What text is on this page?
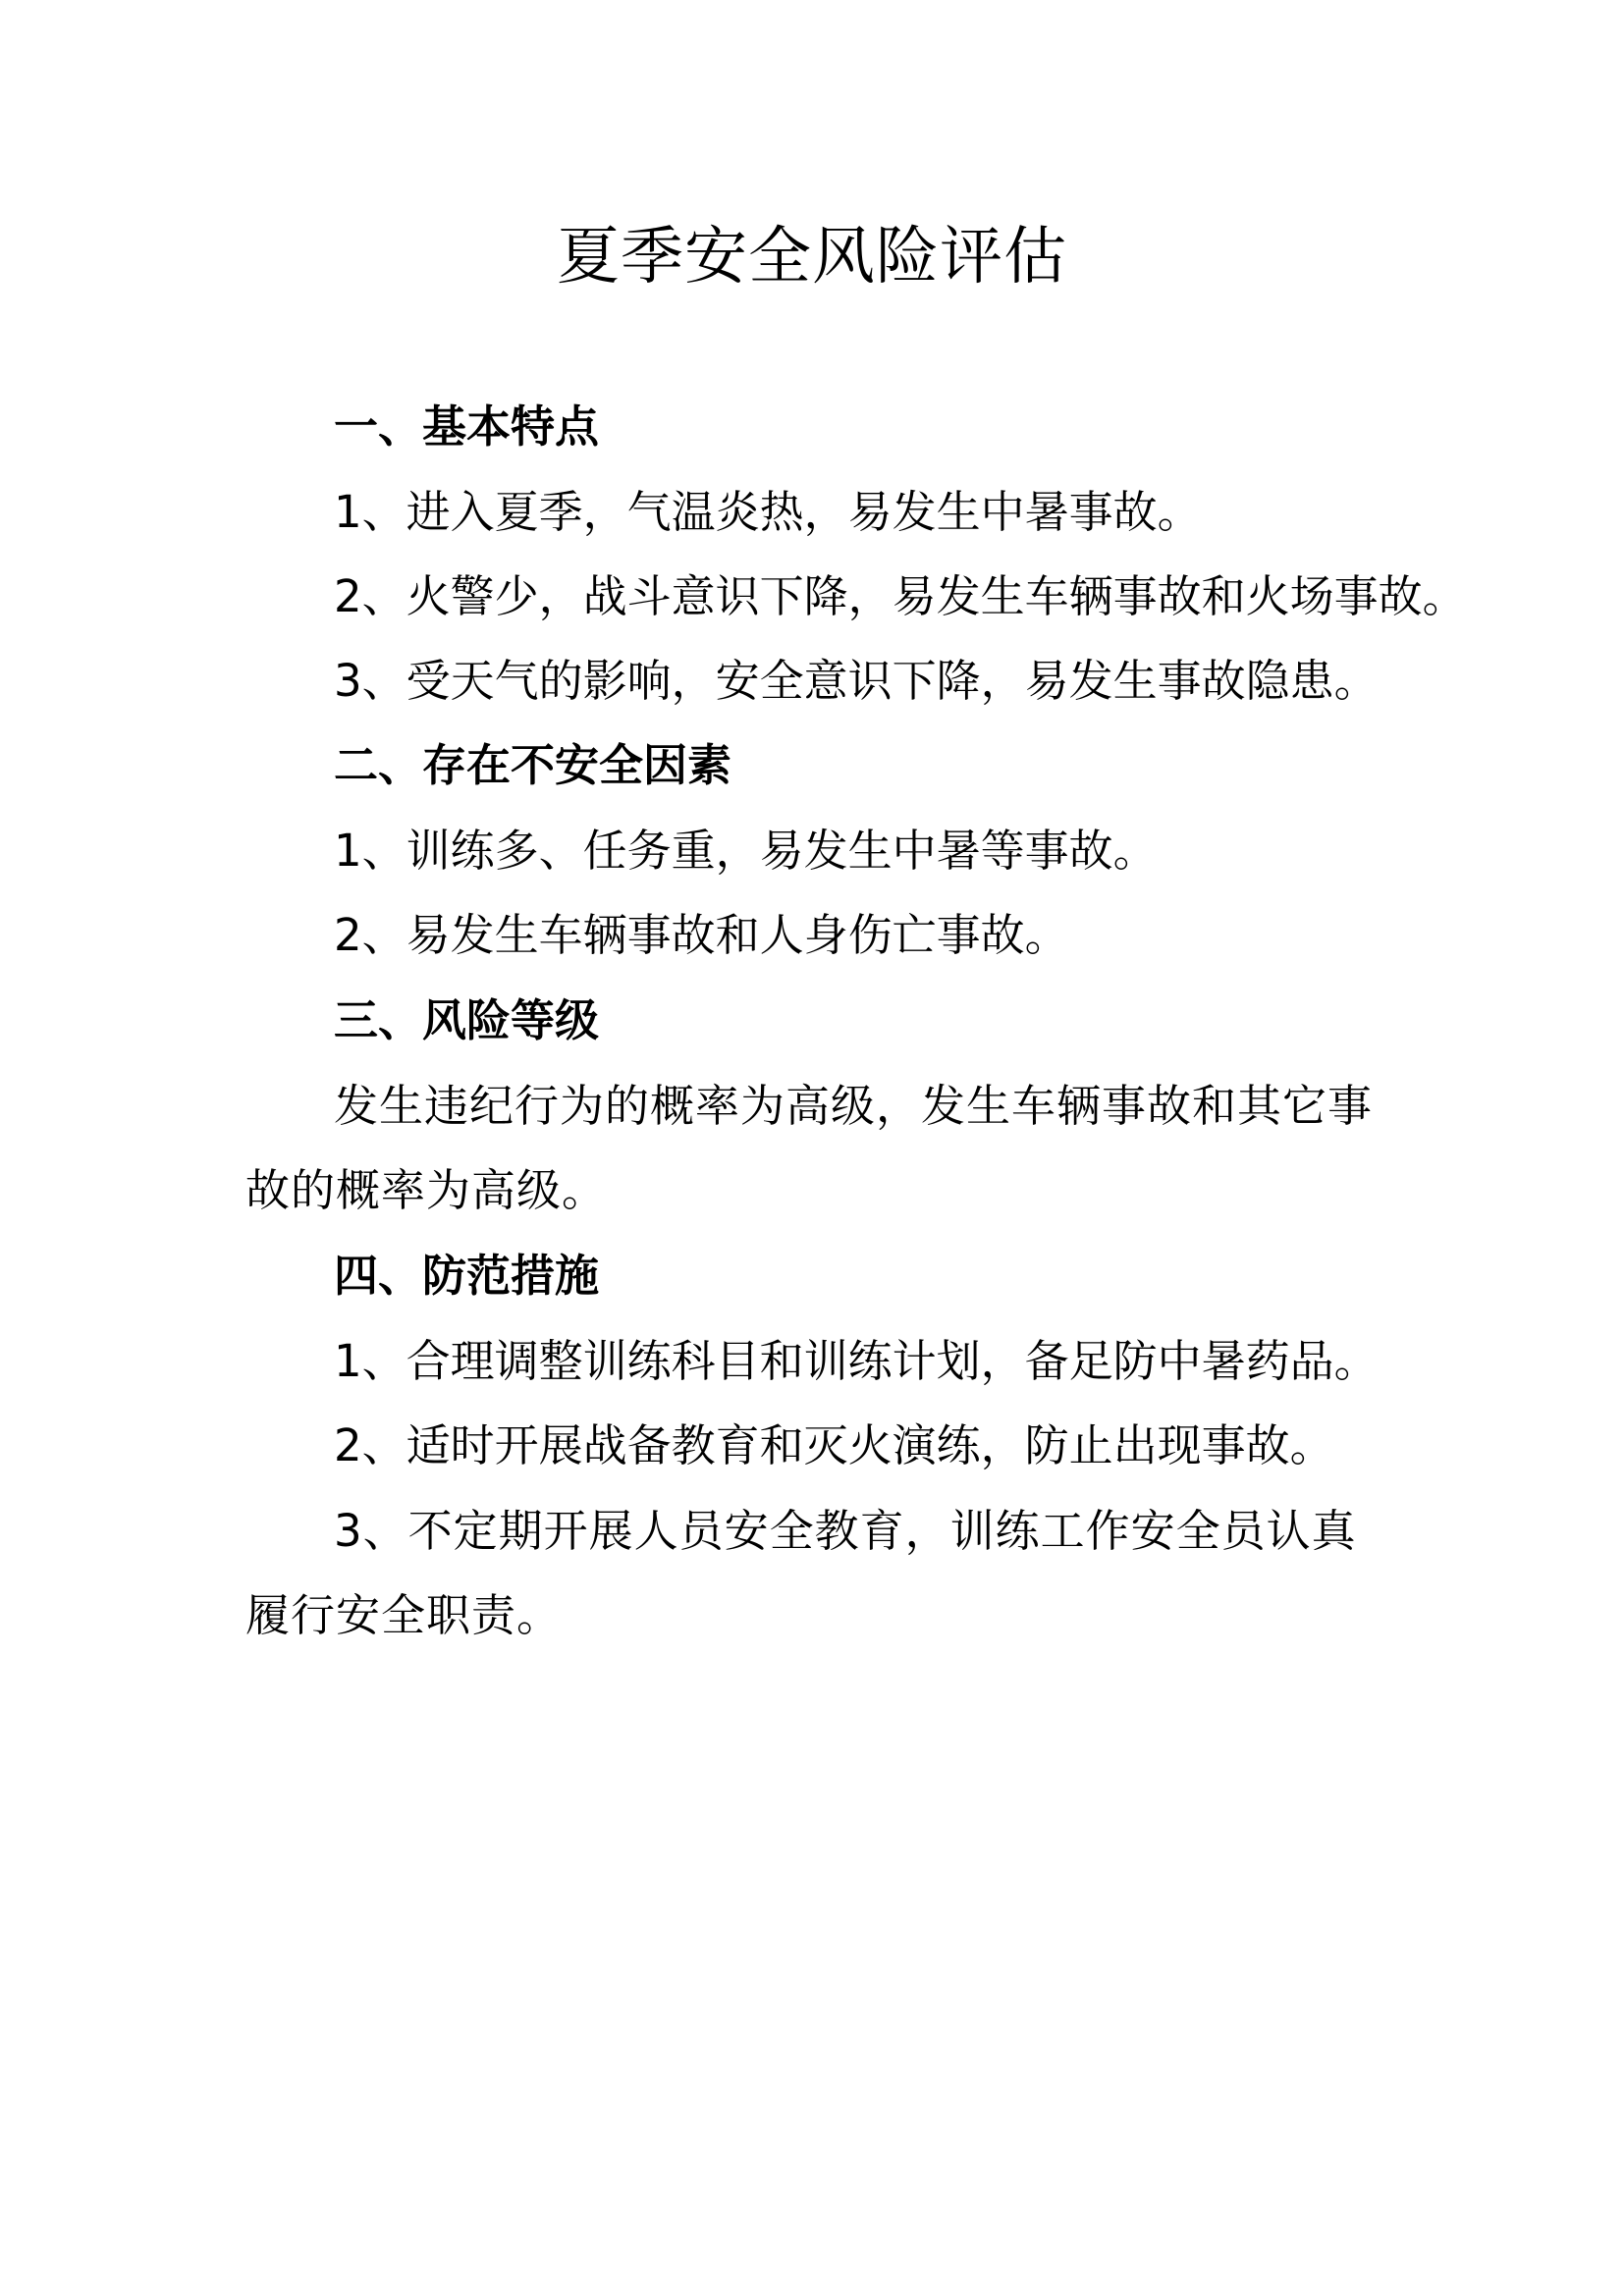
夏季安全风险评估
一、基本特点
1、进入夏季，气温炎热，易发生中暑事故。
2、火警少，战斗意识下降，易发生车辆事故和火场事故。
3、受天气的影响，安全意识下降，易发生事故隐患。
二、存在不安全因素
1、训练多、任务重，易发生中暑等事故。
2、易发生车辆事故和人身伤亡事故。
三、风险等级

发生违纪行为的概率为高级，发生车辆事故和其它事故的概率为高级。

四、防范措施
1、合理调整训练科目和训练计划，备足防中暑药品。
2、适时开展战备教育和灭火演练，防止出现事故。

3、不定期开展人员安全教育，训练工作安全员认真履行安全职责。
